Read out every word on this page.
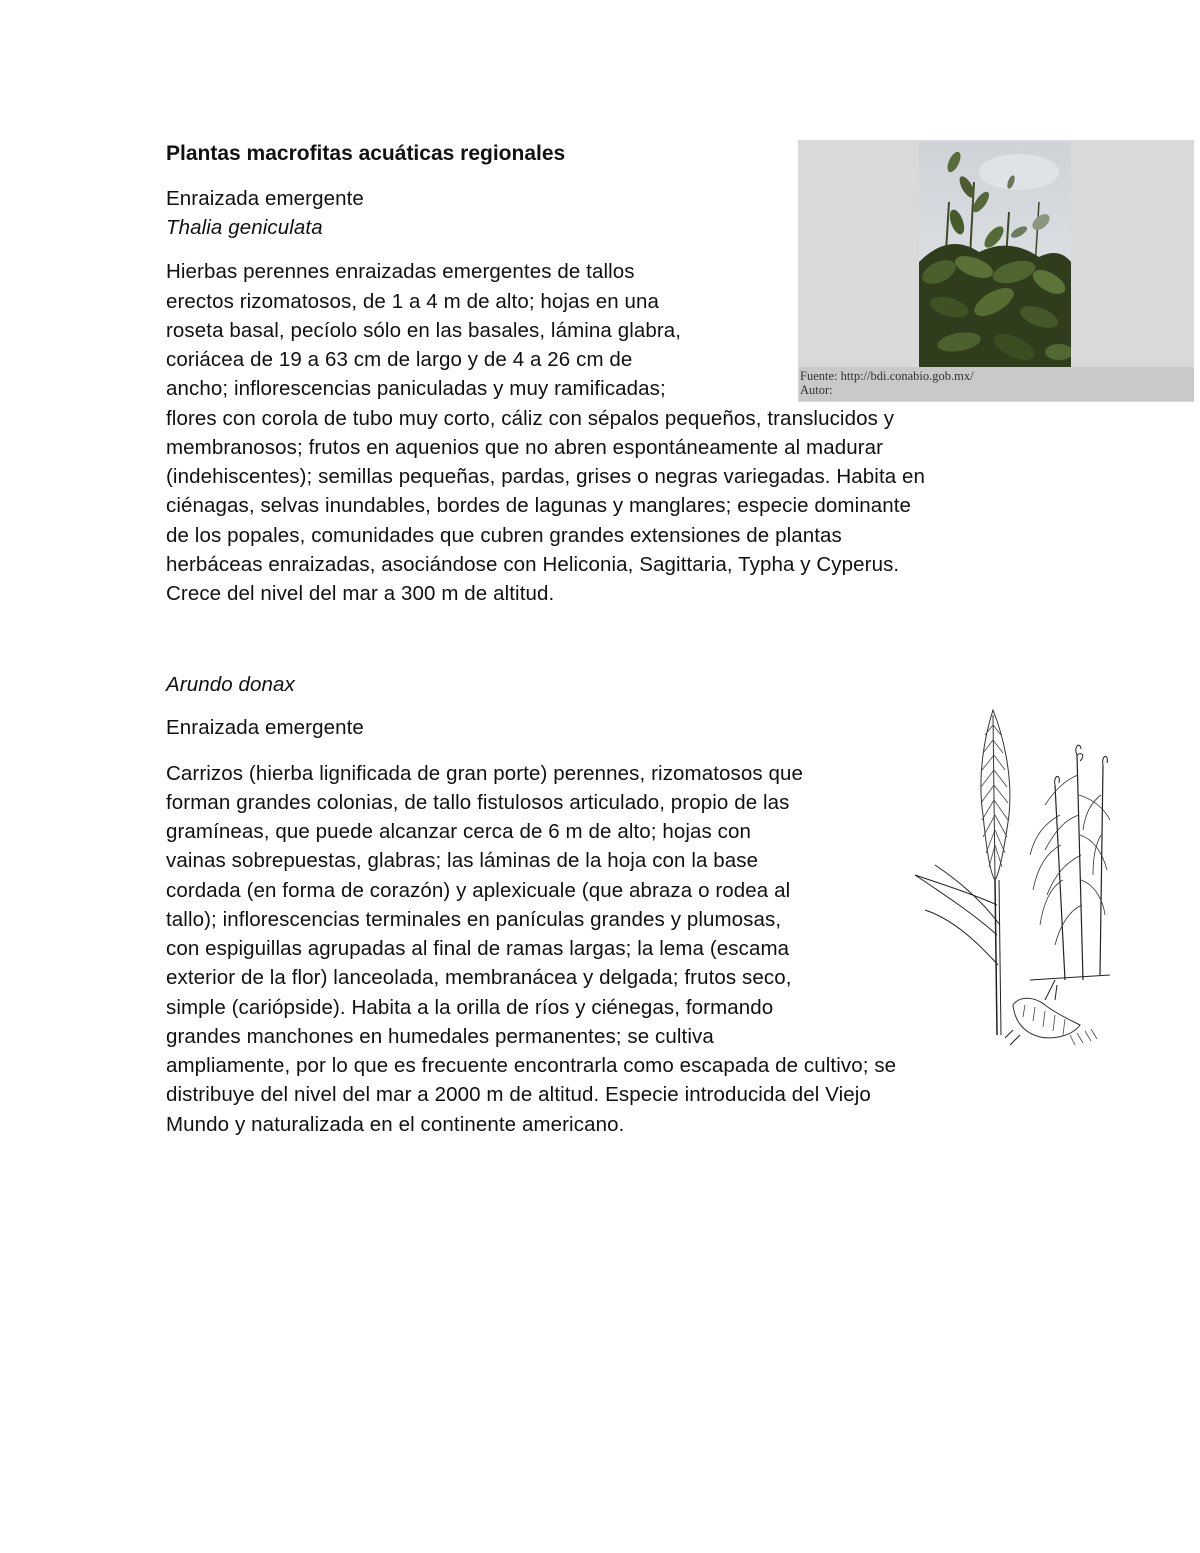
Plantas macrofitas acuáticas regionales
Enraizada emergente
Thalia geniculata
Hierbas perennes enraizadas emergentes de tallos
erectos rizomatosos, de 1 a 4 m de alto; hojas en una
roseta basal, pecíolo sólo en las basales, lámina glabra,
coriácea de 19 a 63 cm de largo y de 4 a 26 cm de
ancho; inflorescencias paniculadas y muy ramificadas;
flores con corola de tubo muy corto, cáliz con sépalos pequeños, translucidos y
membranosos; frutos en aquenios que no abren espontáneamente al madurar
(indehiscentes); semillas pequeñas, pardas, grises o negras variegadas. Habita en
ciénagas, selvas inundables, bordes de lagunas y manglares; especie dominante
de los popales, comunidades que cubren grandes extensiones de plantas
herbáceas enraizadas, asociándose con Heliconia, Sagittaria, Typha y Cyperus.
Crece del nivel del mar a 300 m de altitud.
Fuente: http://bdi.conabio.gob.mx/
Autor:
Arundo donax
Enraizada emergente
Carrizos (hierba lignificada de gran porte) perennes, rizomatosos que
forman grandes colonias, de tallo fistulosos articulado, propio de las
gramíneas, que puede alcanzar cerca de 6 m de alto; hojas con
vainas sobrepuestas, glabras; las láminas de la hoja con la base
cordada (en forma de corazón) y aplexicuale (que abraza o rodea al
tallo); inflorescencias terminales en panículas grandes y plumosas,
con espiguillas agrupadas al final de ramas largas; la lema (escama
exterior de la flor) lanceolada, membranácea y delgada; frutos seco,
simple (cariópside). Habita a la orilla de ríos y ciénegas, formando
grandes manchones en humedales permanentes; se cultiva
ampliamente, por lo que es frecuente encontrarla como escapada de cultivo; se
distribuye del nivel del mar a 2000 m de altitud. Especie introducida del Viejo
Mundo y naturalizada en el continente americano.
